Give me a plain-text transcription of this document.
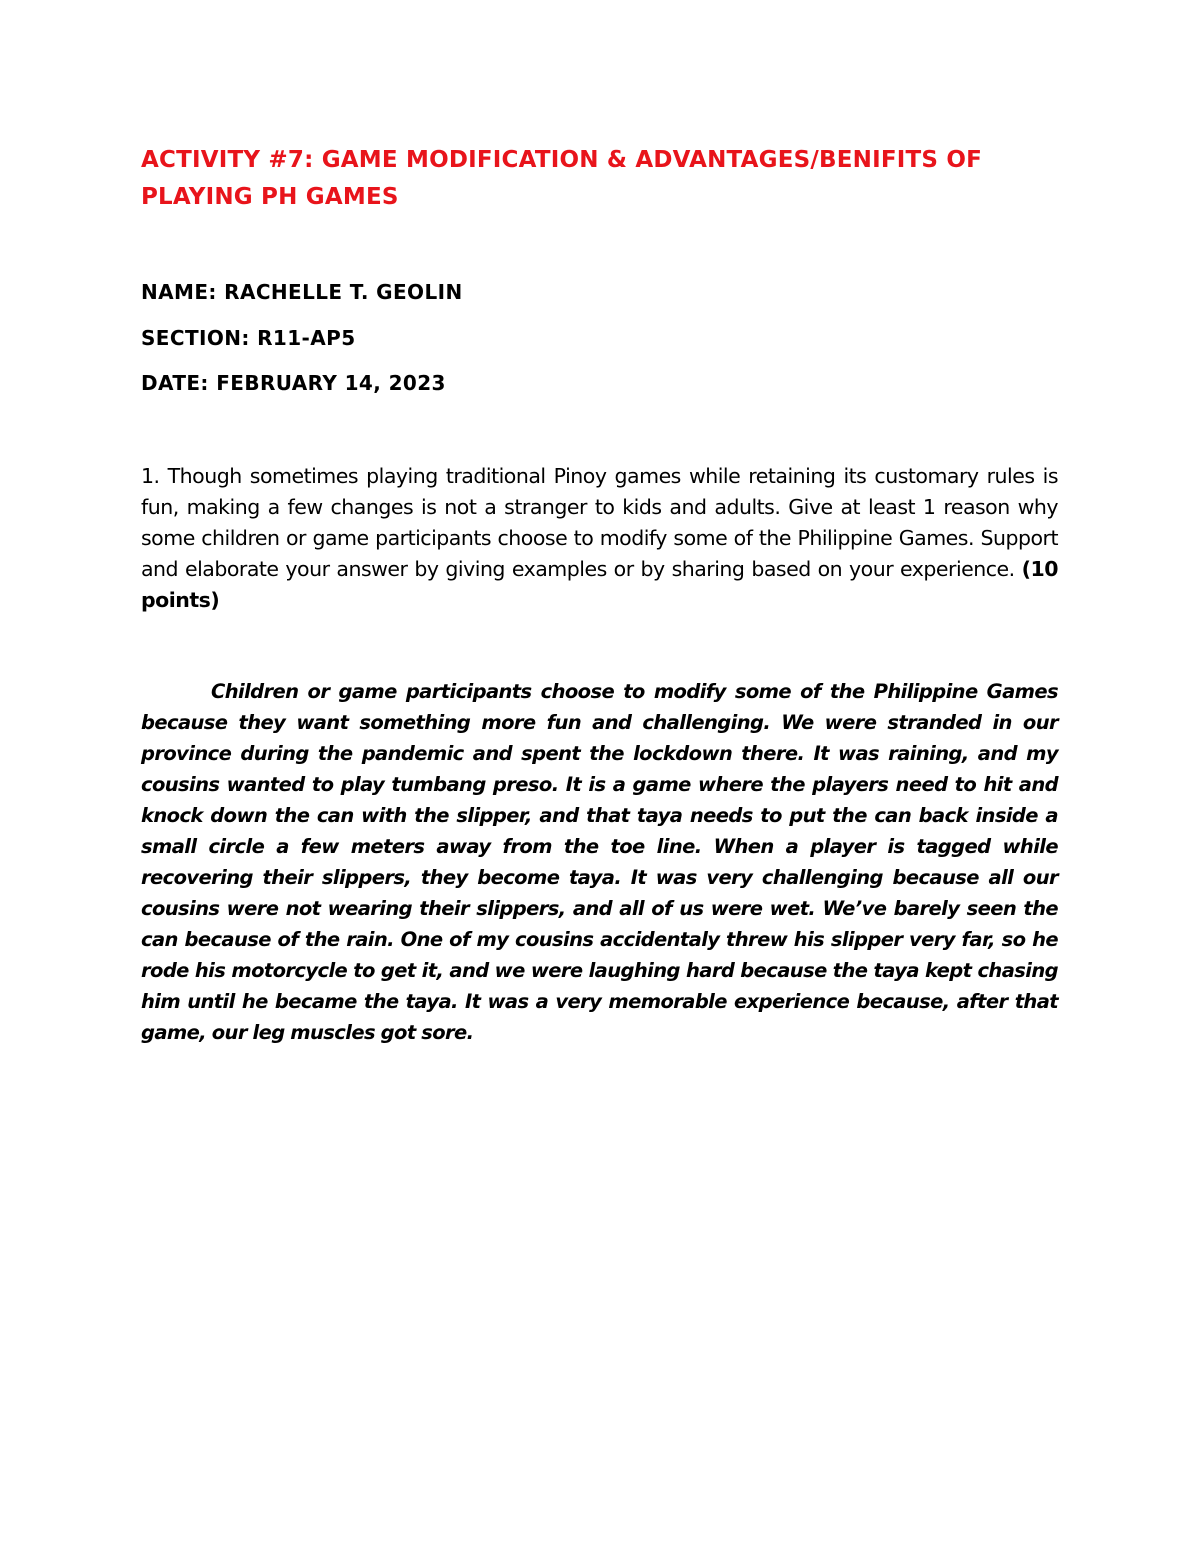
ACTIVITY #7: GAME MODIFICATION & ADVANTAGES/BENIFITS OF PLAYING PH GAMES

NAME: RACHELLE T. GEOLIN

SECTION: R11-AP5

DATE: FEBRUARY 14, 2023

1. Though sometimes playing traditional Pinoy games while retaining its customary rules is fun, making a few changes is not a stranger to kids and adults. Give at least 1 reason why some children or game participants choose to modify some of the Philippine Games. Support and elaborate your answer by giving examples or by sharing based on your experience. (10 points)

Children or game participants choose to modify some of the Philippine Games because they want something more fun and challenging. We were stranded in our province during the pandemic and spent the lockdown there. It was raining, and my cousins wanted to play tumbang preso. It is a game where the players need to hit and knock down the can with the slipper, and that taya needs to put the can back inside a small circle a few meters away from the toe line. When a player is tagged while recovering their slippers, they become taya. It was very challenging because all our cousins were not wearing their slippers, and all of us were wet. We’ve barely seen the can because of the rain. One of my cousins accidentaly threw his slipper very far, so he rode his motorcycle to get it, and we were laughing hard because the taya kept chasing him until he became the taya. It was a very memorable experience because, after that game, our leg muscles got sore.
